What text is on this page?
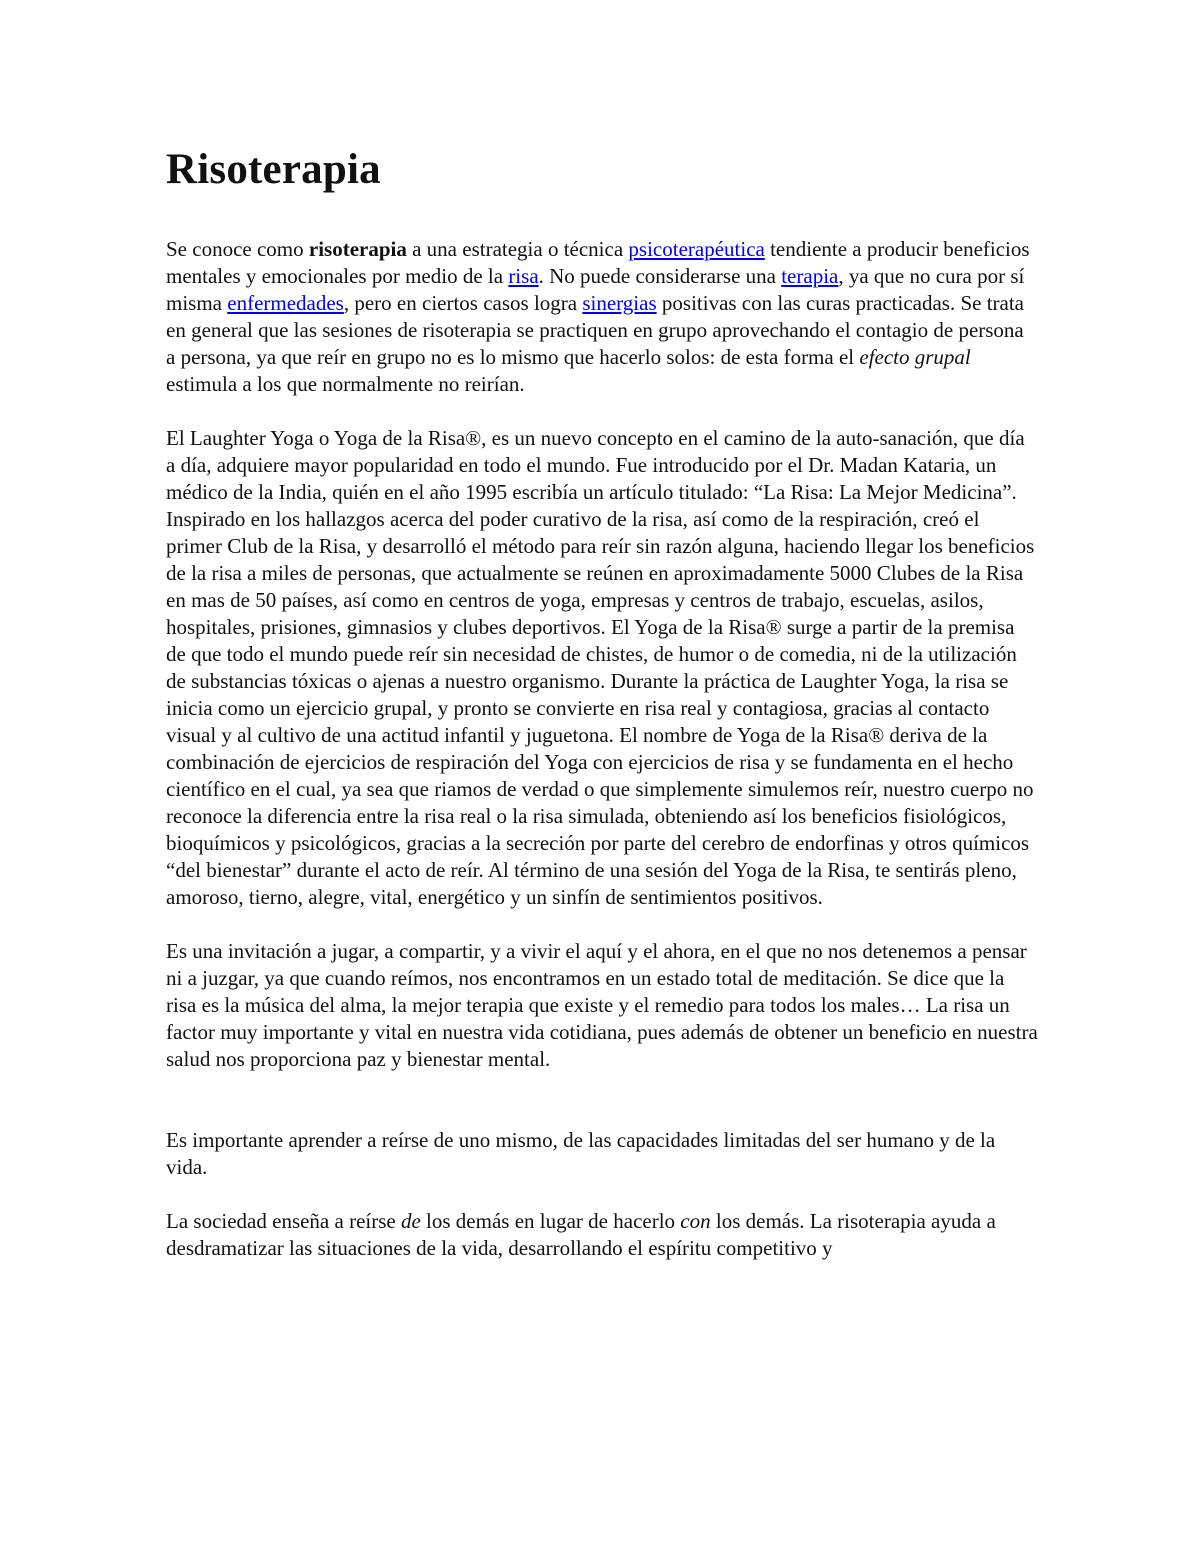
Risoterapia

Se conoce como risoterapia a una estrategia o técnica psicoterapéutica tendiente a producir beneficios mentales y emocionales por medio de la risa. No puede considerarse una terapia, ya que no cura por sí misma enfermedades, pero en ciertos casos logra sinergias positivas con las curas practicadas. Se trata en general que las sesiones de risoterapia se practiquen en grupo aprovechando el contagio de persona a persona, ya que reír en grupo no es lo mismo que hacerlo solos: de esta forma el efecto grupal estimula a los que normalmente no reirían.

El Laughter Yoga o Yoga de la Risa®, es un nuevo concepto en el camino de la auto-sanación, que día a día, adquiere mayor popularidad en todo el mundo. Fue introducido por el Dr. Madan Kataria, un médico de la India, quién en el año 1995 escribía un artículo titulado: “La Risa: La Mejor Medicina”. Inspirado en los hallazgos acerca del poder curativo de la risa, así como de la respiración, creó el primer Club de la Risa, y desarrolló el método para reír sin razón alguna, haciendo llegar los beneficios de la risa a miles de personas, que actualmente se reúnen en aproximadamente 5000 Clubes de la Risa en mas de 50 países, así como en centros de yoga, empresas y centros de trabajo, escuelas, asilos, hospitales, prisiones, gimnasios y clubes deportivos. El Yoga de la Risa® surge a partir de la premisa de que todo el mundo puede reír sin necesidad de chistes, de humor o de comedia, ni de la utilización de substancias tóxicas o ajenas a nuestro organismo. Durante la práctica de Laughter Yoga, la risa se inicia como un ejercicio grupal, y pronto se convierte en risa real y contagiosa, gracias al contacto visual y al cultivo de una actitud infantil y juguetona. El nombre de Yoga de la Risa® deriva de la combinación de ejercicios de respiración del Yoga con ejercicios de risa y se fundamenta en el hecho científico en el cual, ya sea que riamos de verdad o que simplemente simulemos reír, nuestro cuerpo no reconoce la diferencia entre la risa real o la risa simulada, obteniendo así los beneficios fisiológicos, bioquímicos y psicológicos, gracias a la secreción por parte del cerebro de endorfinas y otros químicos “del bienestar” durante el acto de reír. Al término de una sesión del Yoga de la Risa, te sentirás pleno, amoroso, tierno, alegre, vital, energético y un sinfín de sentimientos positivos.

Es una invitación a jugar, a compartir, y a vivir el aquí y el ahora, en el que no nos detenemos a pensar ni a juzgar, ya que cuando reímos, nos encontramos en un estado total de meditación. Se dice que la risa es la música del alma, la mejor terapia que existe y el remedio para todos los males… La risa un factor muy importante y vital en nuestra vida cotidiana, pues además de obtener un beneficio en nuestra salud nos proporciona paz y bienestar mental.

Es importante aprender a reírse de uno mismo, de las capacidades limitadas del ser humano y de la vida.

La sociedad enseña a reírse de los demás en lugar de hacerlo con los demás. La risoterapia ayuda a desdramatizar las situaciones de la vida, desarrollando el espíritu competitivo y
